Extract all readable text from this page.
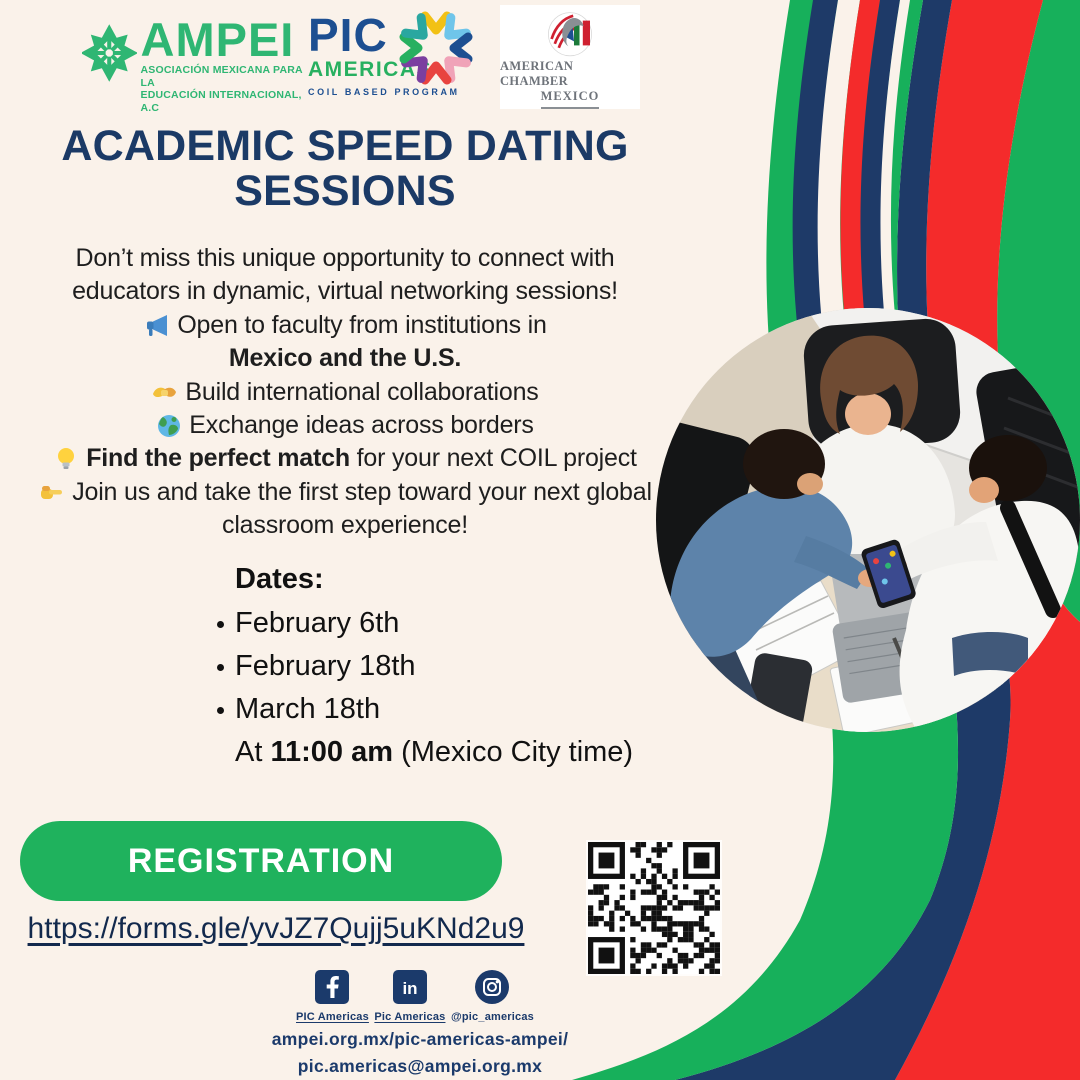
AMPEI
ASOCIACIÓN MEXICANA PARA LA
EDUCACIÓN INTERNACIONAL, A.C
PIC
AMERICAS
COIL BASED PROGRAM
AMERICAN CHAMBER
MEXICO
ACADEMIC SPEED DATING
SESSIONS
Don’t miss this unique opportunity to connect with
educators in dynamic, virtual networking sessions!
Open to faculty from institutions in
Mexico and the U.S.
Build international collaborations
Exchange ideas across borders
Find the perfect match for your next COIL project
Join us and take the first step toward your next global
classroom experience!
Dates:
February 6th
February 18th
March 18th
At 11:00 am (Mexico City time)
REGISTRATION
https://forms.gle/yvJZ7Qujj5uKNd2u9
PIC Americas
in
Pic Americas @pic_americas
ampei.org.mx/pic-americas-ampei/
pic.americas@ampei.org.mx
